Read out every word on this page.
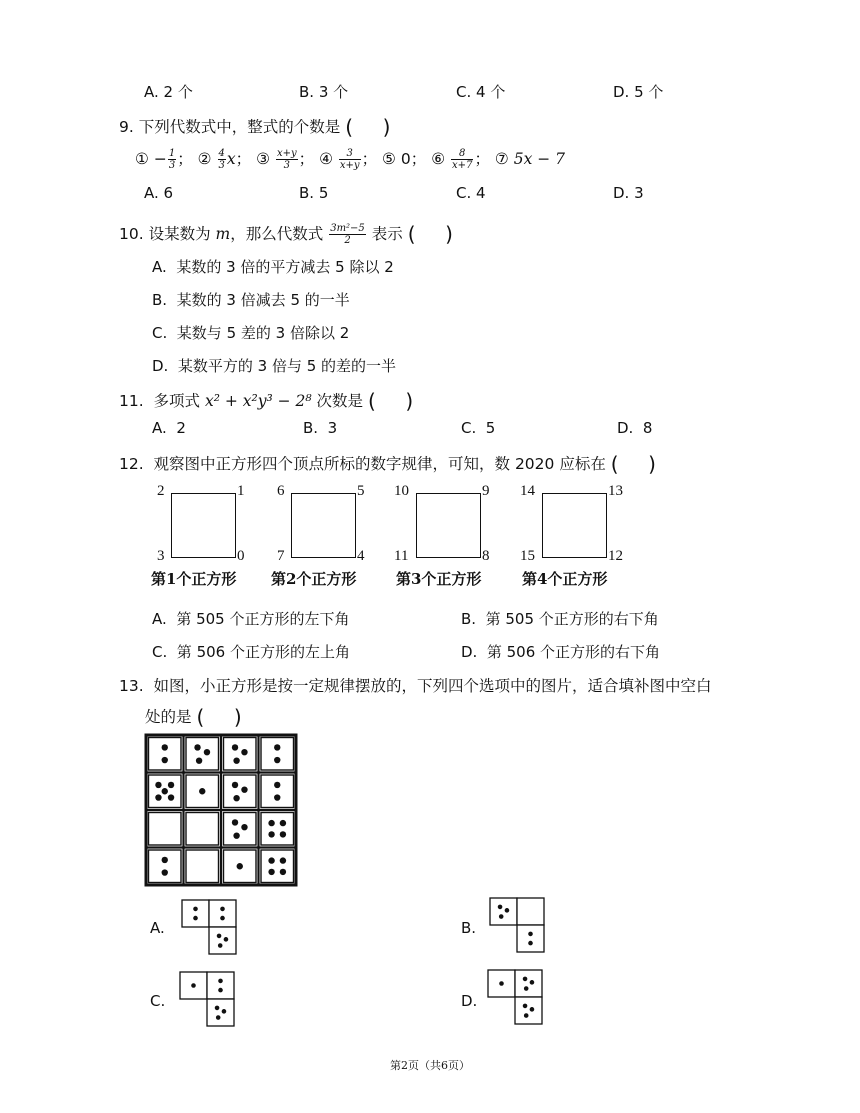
A. 2 个	B. 3 个	C. 4 个	D. 5 个
9. 下列代数式中，整式的个数是 ( )
① − $\frac{1}{3}$ ； ② $\frac{4}{3}$ x； ③ $\frac{x+y}{3}$ ； ④ $\frac{3}{x+y}$ ； ⑤ 0； ⑥ $\frac{8}{x+7}$ ； ⑦ 5x − 7
A. 6	B. 5	C. 4	D. 3
10. 设某数为 m，那么代数式 $\frac{\text{3m²−5}}{2}$ 表示 ( )
A. 某数的 3 倍的平方减去 5 除以 2
B. 某数的 3 倍减去 5 的一半
C. 某数与 5 差的 3 倍除以 2
D. 某数平方的 3 倍与 5 的差的一半
11. 多项式 x² + x²y³ − 2⁸ 次数是 ( )
A. 2	B. 3	C. 5	D. 8
12. 观察图中正方形四个顶点所标的数字规律，可知，数 2020 应标在 ( )
2	1
3	0
第1个正方形
6	5
7	4
第2个正方形
10	9
11	8
第3个正方形
14	13
15	12
第4个正方形
A. 第 505 个正方形的左下角	B. 第 505 个正方形的右下角
C. 第 506 个正方形的左上角	D. 第 506 个正方形的右下角
13. 如图，小正方形是按一定规律摆放的，下列四个选项中的图片，适合填补图中空白
处的是 ( )
A.	B.
C.	D.
第2页（共6页）
